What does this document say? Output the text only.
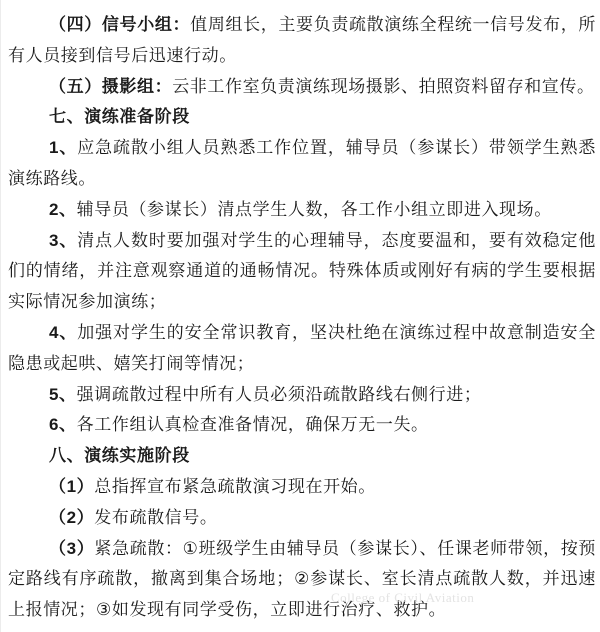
（四）信号小组：值周组长，主要负责疏散演练全程统一信号发布，所有人员接到信号后迅速行动。

（五）摄影组：云非工作室负责演练现场摄影、拍照资料留存和宣传。

七、演练准备阶段

1、应急疏散小组人员熟悉工作位置，辅导员（参谋长）带领学生熟悉演练路线。

2、辅导员（参谋长）清点学生人数，各工作小组立即进入现场。

3、清点人数时要加强对学生的心理辅导，态度要温和，要有效稳定他们的情绪，并注意观察通道的通畅情况。特殊体质或刚好有病的学生要根据实际情况参加演练；

4、加强对学生的安全常识教育，坚决杜绝在演练过程中故意制造安全隐患或起哄、嬉笑打闹等情况；

5、强调疏散过程中所有人员必须沿疏散路线右侧行进；

6、各工作组认真检查准备情况，确保万无一失。

八、演练实施阶段

（1）总指挥宣布紧急疏散演习现在开始。

（2）发布疏散信号。

（3）紧急疏散：①班级学生由辅导员（参谋长）、任课老师带领，按预定路线有序疏散，撤离到集合场地；②参谋长、室长清点疏散人数，并迅速上报情况；③如发现有同学受伤，立即进行治疗、救护。

College of Civil Aviation
